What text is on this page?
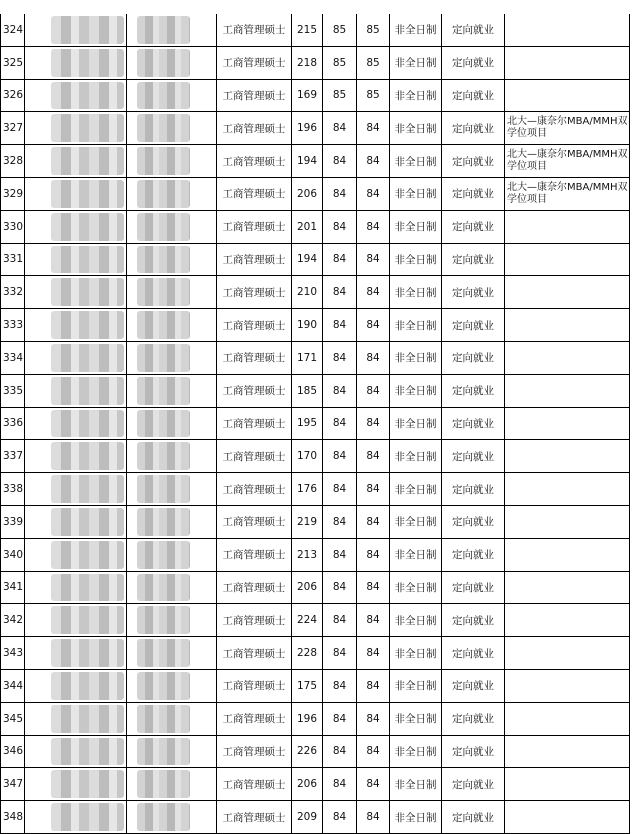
324			工商管理硕士	215	85	85	非全日制	定向就业	
325			工商管理硕士	218	85	85	非全日制	定向就业	
326			工商管理硕士	169	85	85	非全日制	定向就业	
327			工商管理硕士	196	84	84	非全日制	定向就业	北大—康奈尔MBA/MMH双学位项目
328			工商管理硕士	194	84	84	非全日制	定向就业	北大—康奈尔MBA/MMH双学位项目
329			工商管理硕士	206	84	84	非全日制	定向就业	北大—康奈尔MBA/MMH双学位项目
330			工商管理硕士	201	84	84	非全日制	定向就业	
331			工商管理硕士	194	84	84	非全日制	定向就业	
332			工商管理硕士	210	84	84	非全日制	定向就业	
333			工商管理硕士	190	84	84	非全日制	定向就业	
334			工商管理硕士	171	84	84	非全日制	定向就业	
335			工商管理硕士	185	84	84	非全日制	定向就业	
336			工商管理硕士	195	84	84	非全日制	定向就业	
337			工商管理硕士	170	84	84	非全日制	定向就业	
338			工商管理硕士	176	84	84	非全日制	定向就业	
339			工商管理硕士	219	84	84	非全日制	定向就业	
340			工商管理硕士	213	84	84	非全日制	定向就业	
341			工商管理硕士	206	84	84	非全日制	定向就业	
342			工商管理硕士	224	84	84	非全日制	定向就业	
343			工商管理硕士	228	84	84	非全日制	定向就业	
344			工商管理硕士	175	84	84	非全日制	定向就业	
345			工商管理硕士	196	84	84	非全日制	定向就业	
346			工商管理硕士	226	84	84	非全日制	定向就业	
347			工商管理硕士	206	84	84	非全日制	定向就业	
348			工商管理硕士	209	84	84	非全日制	定向就业	
